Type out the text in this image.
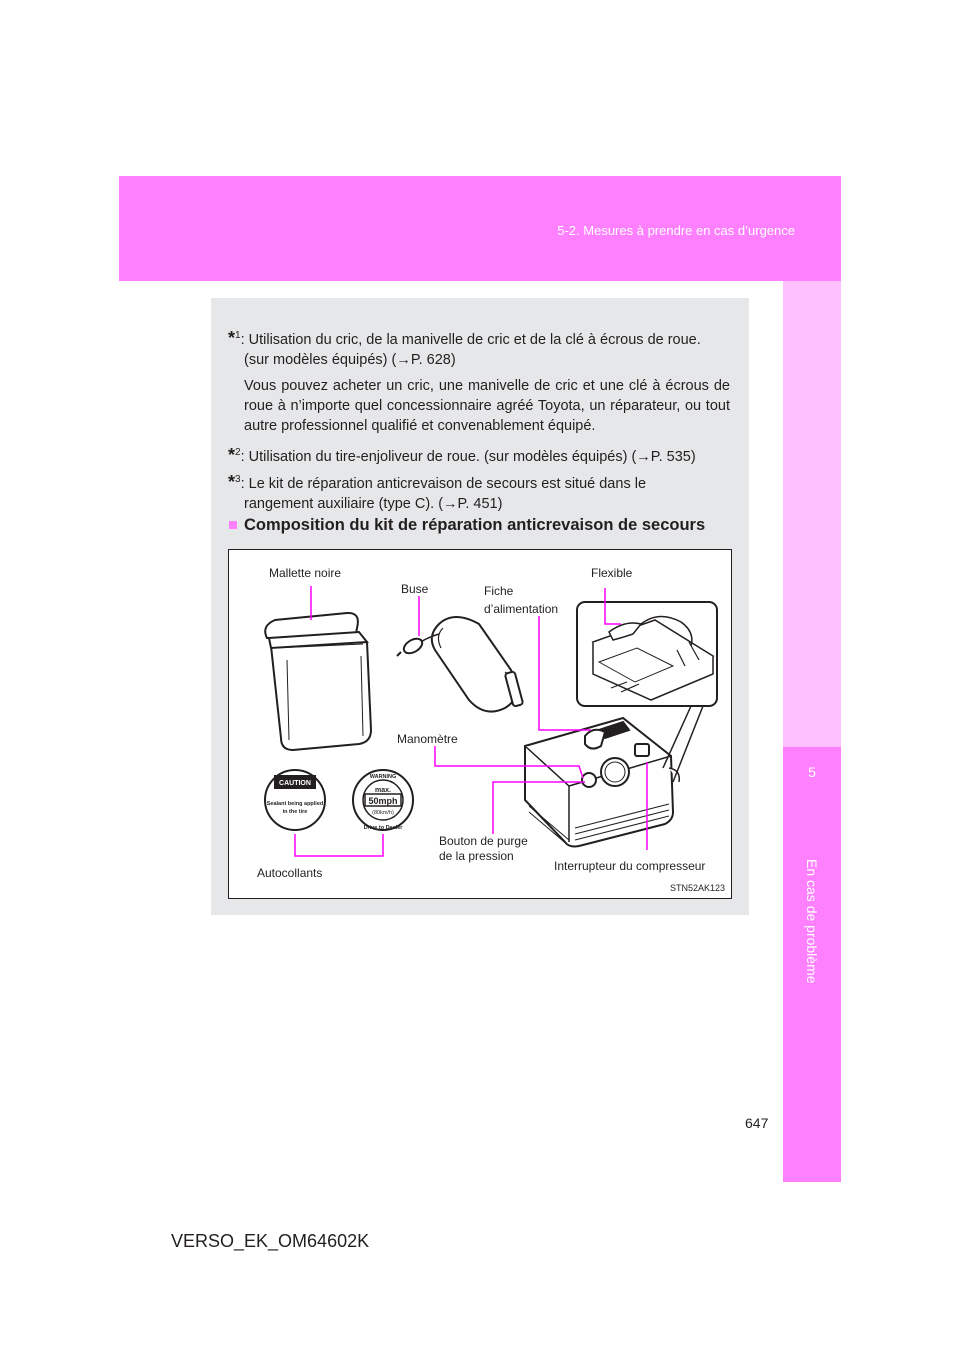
5-2. Mesures à prendre en cas d’urgence
5
En cas de problème
*$^1$: Utilisation du cric, de la manivelle de cric et de la clé à écrous de roue.
(sur modèles équipés) (→P. 628)
Vous pouvez acheter un cric, une manivelle de cric et une clé à écrous de roue à n’importe quel concessionnaire agréé Toyota, un réparateur, ou tout autre professionnel qualifié et convenablement équipé.
*$^2$: Utilisation du tire-enjoliveur de roue. (sur modèles équipés) (→P. 535)
*$^3$: Le kit de réparation anticrevaison de secours est situé dans le
rangement auxiliaire (type C). (→P. 451)
■ Composition du kit de réparation anticrevaison de secours
CAUTION
Sealant being applied
in the tire
max.
50mph
(80km/h)
WARNING
Drive to Dealer
Mallette noire
Buse	Fiche
d’alimentation
Flexible
Manomètre
Bouton de purge
de la pression
Interrupteur du compresseur
Autocollants
STN52AK123
647
VERSO_EK_OM64602K
